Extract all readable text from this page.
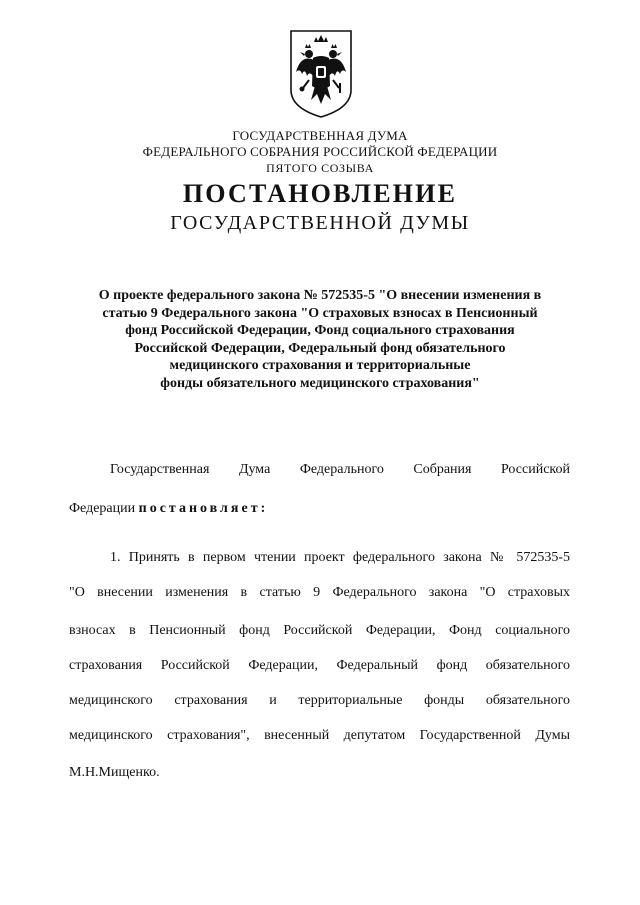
ГОСУДАРСТВЕННАЯ ДУМА
ФЕДЕРАЛЬНОГО СОБРАНИЯ РОССИЙСКОЙ ФЕДЕРАЦИИ
ПЯТОГО СОЗЫВА
ПОСТАНОВЛЕНИЕ
ГОСУДАРСТВЕННОЙ ДУМЫ
О проекте федерального закона № 572535-5 "О внесении изменения в
статью 9 Федерального закона "О страховых взносах в Пенсионный
фонд Российской Федерации, Фонд социального страхования
Российской Федерации, Федеральный фонд обязательного
медицинского страхования и территориальные
фонды обязательного медицинского страхования"
Государственная Дума Федерального Собрания Российской
Федерации постановляет:
1. Принять в первом чтении проект федерального закона № 572535-5
"О внесении изменения в статью 9 Федерального закона "О страховых
взносах в Пенсионный фонд Российской Федерации, Фонд социального
страхования Российской Федерации, Федеральный фонд обязательного
медицинского страхования и территориальные фонды обязательного
медицинского страхования", внесенный депутатом Государственной Думы
М.Н.Мищенко.
